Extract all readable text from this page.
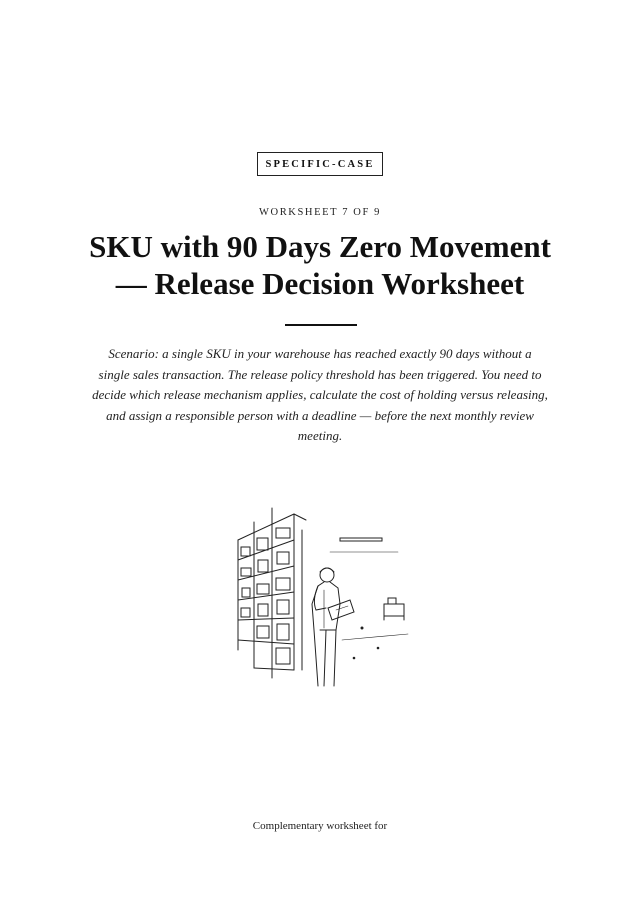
SPECIFIC-CASE
WORKSHEET 7 OF 9
SKU with 90 Days Zero Movement
— Release Decision Worksheet

Scenario: a single SKU in your warehouse has reached exactly 90 days without a single sales transaction. The release policy threshold has been triggered. You need to decide which release mechanism applies, calculate the cost of holding versus releasing, and assign a responsible person with a deadline — before the next monthly review meeting.

Complementary worksheet for
